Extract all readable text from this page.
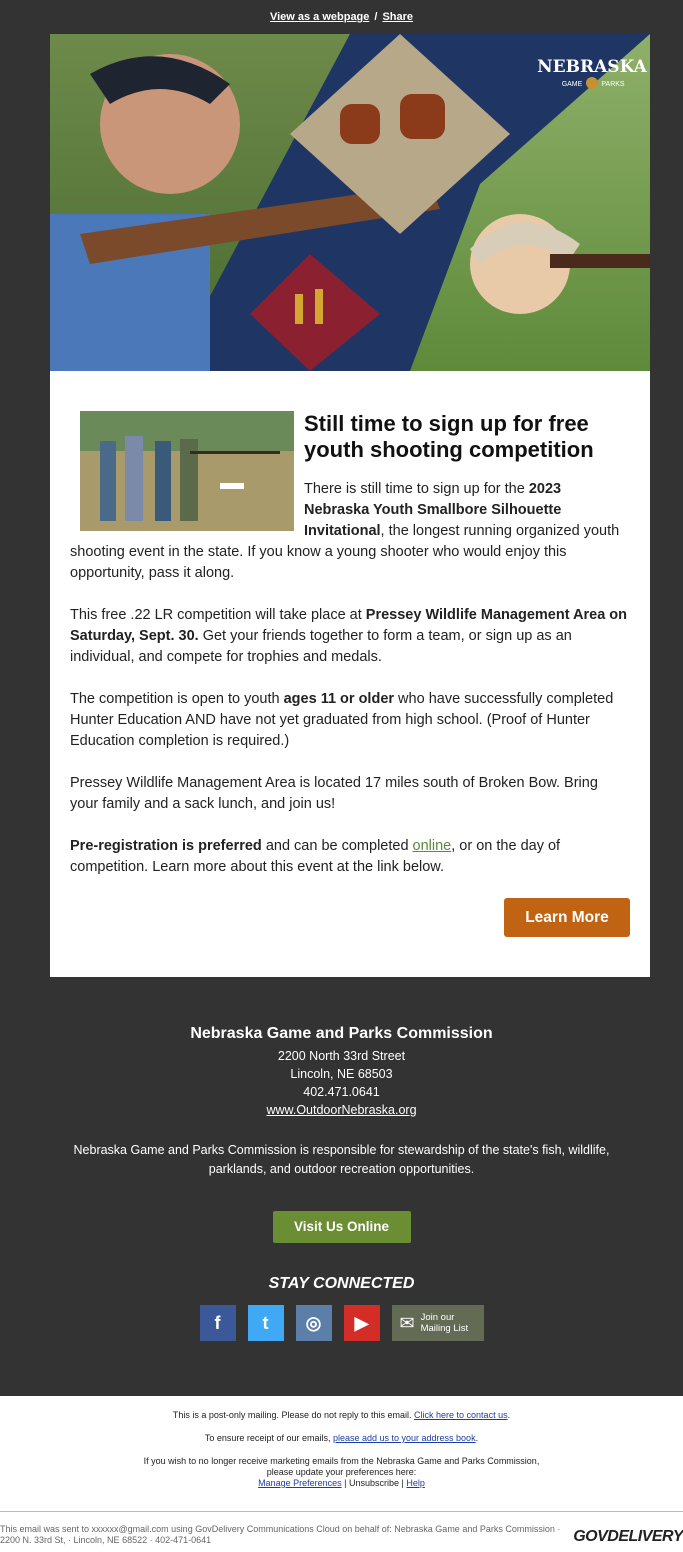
View as a webpage / Share
NEBRASKA
GAME	PARKS
Still time to sign up for free youth shooting competition
There is still time to sign up for the 2023 Nebraska Youth Smallbore Silhouette Invitational, the longest running organized youth shooting event in the state. If you know a young shooter who would enjoy this opportunity, pass it along.
This free .22 LR competition will take place at Pressey Wildlife Management Area on Saturday, Sept. 30. Get your friends together to form a team, or sign up as an individual, and compete for trophies and medals.
The competition is open to youth ages 11 or older who have successfully completed Hunter Education AND have not yet graduated from high school. (Proof of Hunter Education completion is required.)
Pressey Wildlife Management Area is located 17 miles south of Broken Bow. Bring your family and a sack lunch, and join us!
Pre-registration is preferred and can be completed online, or on the day of competition. Learn more about this event at the link below.
Learn More
Nebraska Game and Parks Commission
2200 North 33rd Street
Lincoln, NE 68503
402.471.0641
www.OutdoorNebraska.org
Nebraska Game and Parks Commission is responsible for stewardship of the state's fish, wildlife, parklands, and outdoor recreation opportunities.
Visit Us Online
STAY CONNECTED
f	t	◎	▶	✉ Join our
Mailing List
This is a post-only mailing. Please do not reply to this email. Click here to contact us.
To ensure receipt of our emails, please add us to your address book.
If you wish to no longer receive marketing emails from the Nebraska Game and Parks Commission,
please update your preferences here:
Manage Preferences | Unsubscribe | Help
This email was sent to xxxxxx@gmail.com using GovDelivery Communications Cloud on behalf of: Nebraska Game and Parks Commission · 2200 N. 33rd St, · Lincoln, NE 68522 · 402-471-0641	GOVDELIVERY
